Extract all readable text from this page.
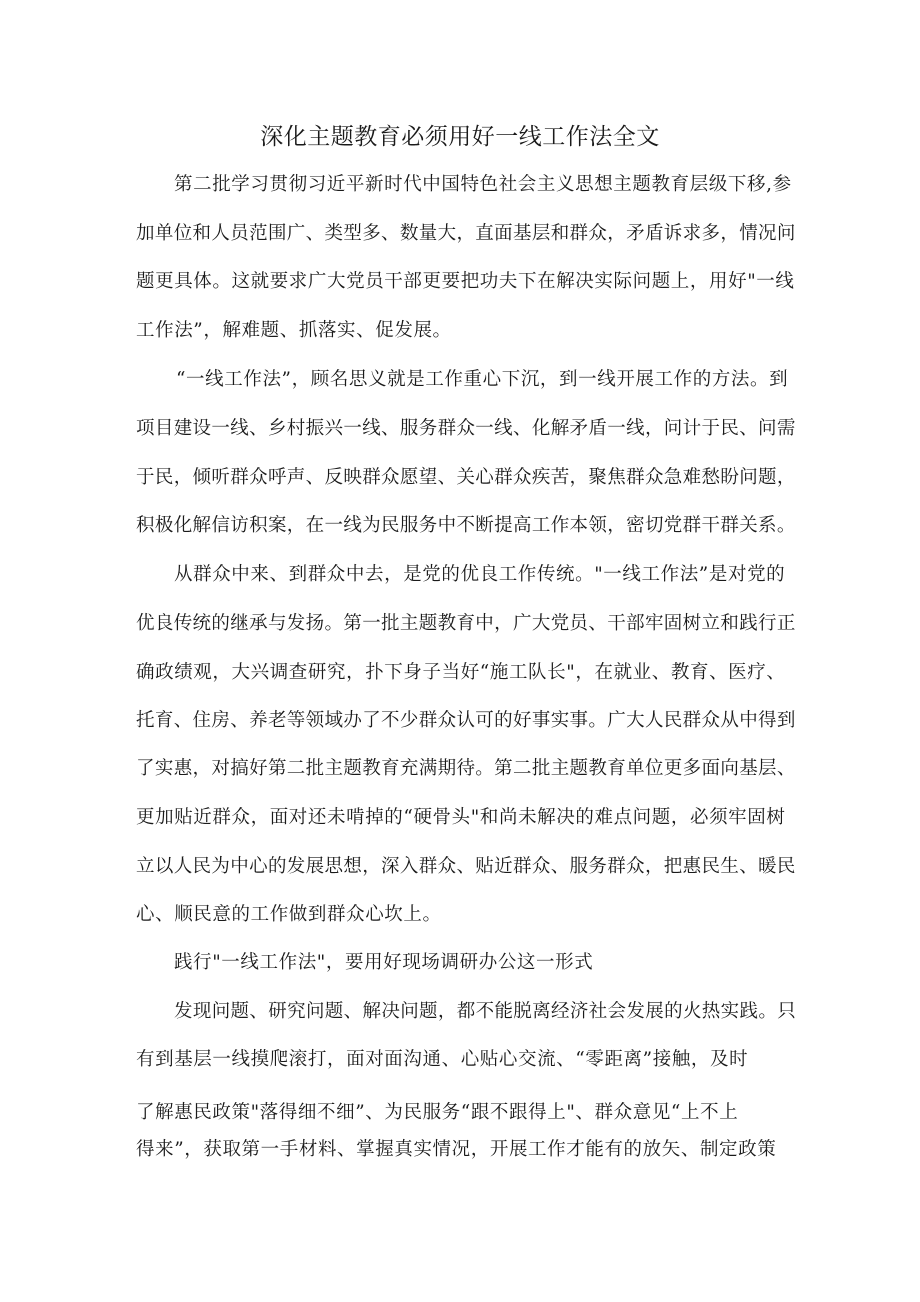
深化主题教育必须用好一线工作法全文
第二批学习贯彻习近平新时代中国特色社会主义思想主题教育层级下移,参
加单位和人员范围广、类型多、数量大，直面基层和群众，矛盾诉求多，情况问
题更具体。这就要求广大党员干部更要把功夫下在解决实际问题上，用好"一线
工作法”，解难题、抓落实、促发展。
“一线工作法”，顾名思义就是工作重心下沉，到一线开展工作的方法。到
项目建设一线、乡村振兴一线、服务群众一线、化解矛盾一线，问计于民、问需
于民，倾听群众呼声、反映群众愿望、关心群众疾苦，聚焦群众急难愁盼问题，
积极化解信访积案，在一线为民服务中不断提高工作本领，密切党群干群关系。
从群众中来、到群众中去，是党的优良工作传统。"一线工作法”是对党的
优良传统的继承与发扬。第一批主题教育中，广大党员、干部牢固树立和践行正
确政绩观，大兴调查研究，扑下身子当好“施工队长"，在就业、教育、医疗、
托育、住房、养老等领域办了不少群众认可的好事实事。广大人民群众从中得到
了实惠，对搞好第二批主题教育充满期待。第二批主题教育单位更多面向基层、
更加贴近群众，面对还未啃掉的“硬骨头"和尚未解决的难点问题，必须牢固树
立以人民为中心的发展思想，深入群众、贴近群众、服务群众，把惠民生、暖民
心、顺民意的工作做到群众心坎上。
践行"一线工作法"，要用好现场调研办公这一形式
发现问题、研究问题、解决问题，都不能脱离经济社会发展的火热实践。只
有到基层一线摸爬滚打，面对面沟通、心贴心交流、“零距离”接触，及时
了解惠民政策"落得细不细”、为民服务“跟不跟得上"、群众意见“上不上
得来”，获取第一手材料、掌握真实情况，开展工作才能有的放矢、制定政策
